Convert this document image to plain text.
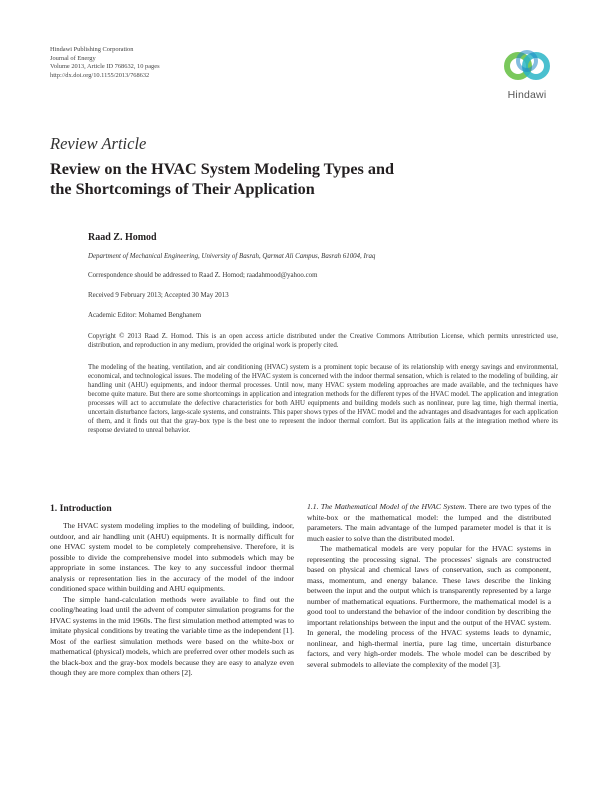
Hindawi Publishing Corporation
Journal of Energy
Volume 2013, Article ID 768632, 10 pages
http://dx.doi.org/10.1155/2013/768632
Hindawi
Review Article
Review on the HVAC System Modeling Types and
the Shortcomings of Their Application
Raad Z. Homod
Department of Mechanical Engineering, University of Basrah, Qarmat Ali Campus, Basrah 61004, Iraq
Correspondence should be addressed to Raad Z. Homod; raadahmood@yahoo.com
Received 9 February 2013; Accepted 30 May 2013
Academic Editor: Mohamed Benghanem
Copyright © 2013 Raad Z. Homod. This is an open access article distributed under the Creative Commons Attribution License, which permits unrestricted use, distribution, and reproduction in any medium, provided the original work is properly cited.
The modeling of the heating, ventilation, and air conditioning (HVAC) system is a prominent topic because of its relationship with energy savings and environmental, economical, and technological issues. The modeling of the HVAC system is concerned with the indoor thermal sensation, which is related to the modeling of building, air handling unit (AHU) equipments, and indoor thermal processes. Until now, many HVAC system modeling approaches are made available, and the techniques have become quite mature. But there are some shortcomings in application and integration methods for the different types of the HVAC model. The application and integration processes will act to accumulate the defective characteristics for both AHU equipments and building models such as nonlinear, pure lag time, high thermal inertia, uncertain disturbance factors, large-scale systems, and constraints. This paper shows types of the HVAC model and the advantages and disadvantages for each application of them, and it finds out that the gray-box type is the best one to represent the indoor thermal comfort. But its application fails at the integration method where its response deviated to unreal behavior.
1. Introduction

The HVAC system modeling implies to the modeling of building, indoor, outdoor, and air handling unit (AHU) equipments. It is normally difficult for one HVAC system model to be completely comprehensive. Therefore, it is possible to divide the comprehensive model into submodels which may be appropriate in some instances. The key to any successful indoor thermal analysis or representation lies in the accuracy of the model of the indoor conditioned space within building and AHU equipments.

The simple hand-calculation methods were available to find out the cooling/heating load until the advent of computer simulation programs for the HVAC systems in the mid 1960s. The first simulation method attempted was to imitate physical conditions by treating the variable time as the independent [1]. Most of the earliest simulation methods were based on the white-box or mathematical (physical) models, which are preferred over other models such as the black-box and the gray-box models because they are easy to analyze even though they are more complex than others [2].

1.1. The Mathematical Model of the HVAC System. There are two types of the white-box or the mathematical model: the lumped and the distributed parameters. The main advantage of the lumped parameter model is that it is much easier to solve than the distributed model.

The mathematical models are very popular for the HVAC systems in representing the processing signal. The processes' signals are constructed based on physical and chemical laws of conservation, such as component, mass, momentum, and energy balance. These laws describe the linking between the input and the output which is transparently represented by a large number of mathematical equations. Furthermore, the mathematical model is a good tool to understand the behavior of the indoor condition by describing the important relationships between the input and the output of the HVAC system. In general, the modeling process of the HVAC systems leads to dynamic, nonlinear, and high-thermal inertia, pure lag time, uncertain disturbance factors, and very high-order models. The whole model can be described by several submodels to alleviate the complexity of the model [3].
